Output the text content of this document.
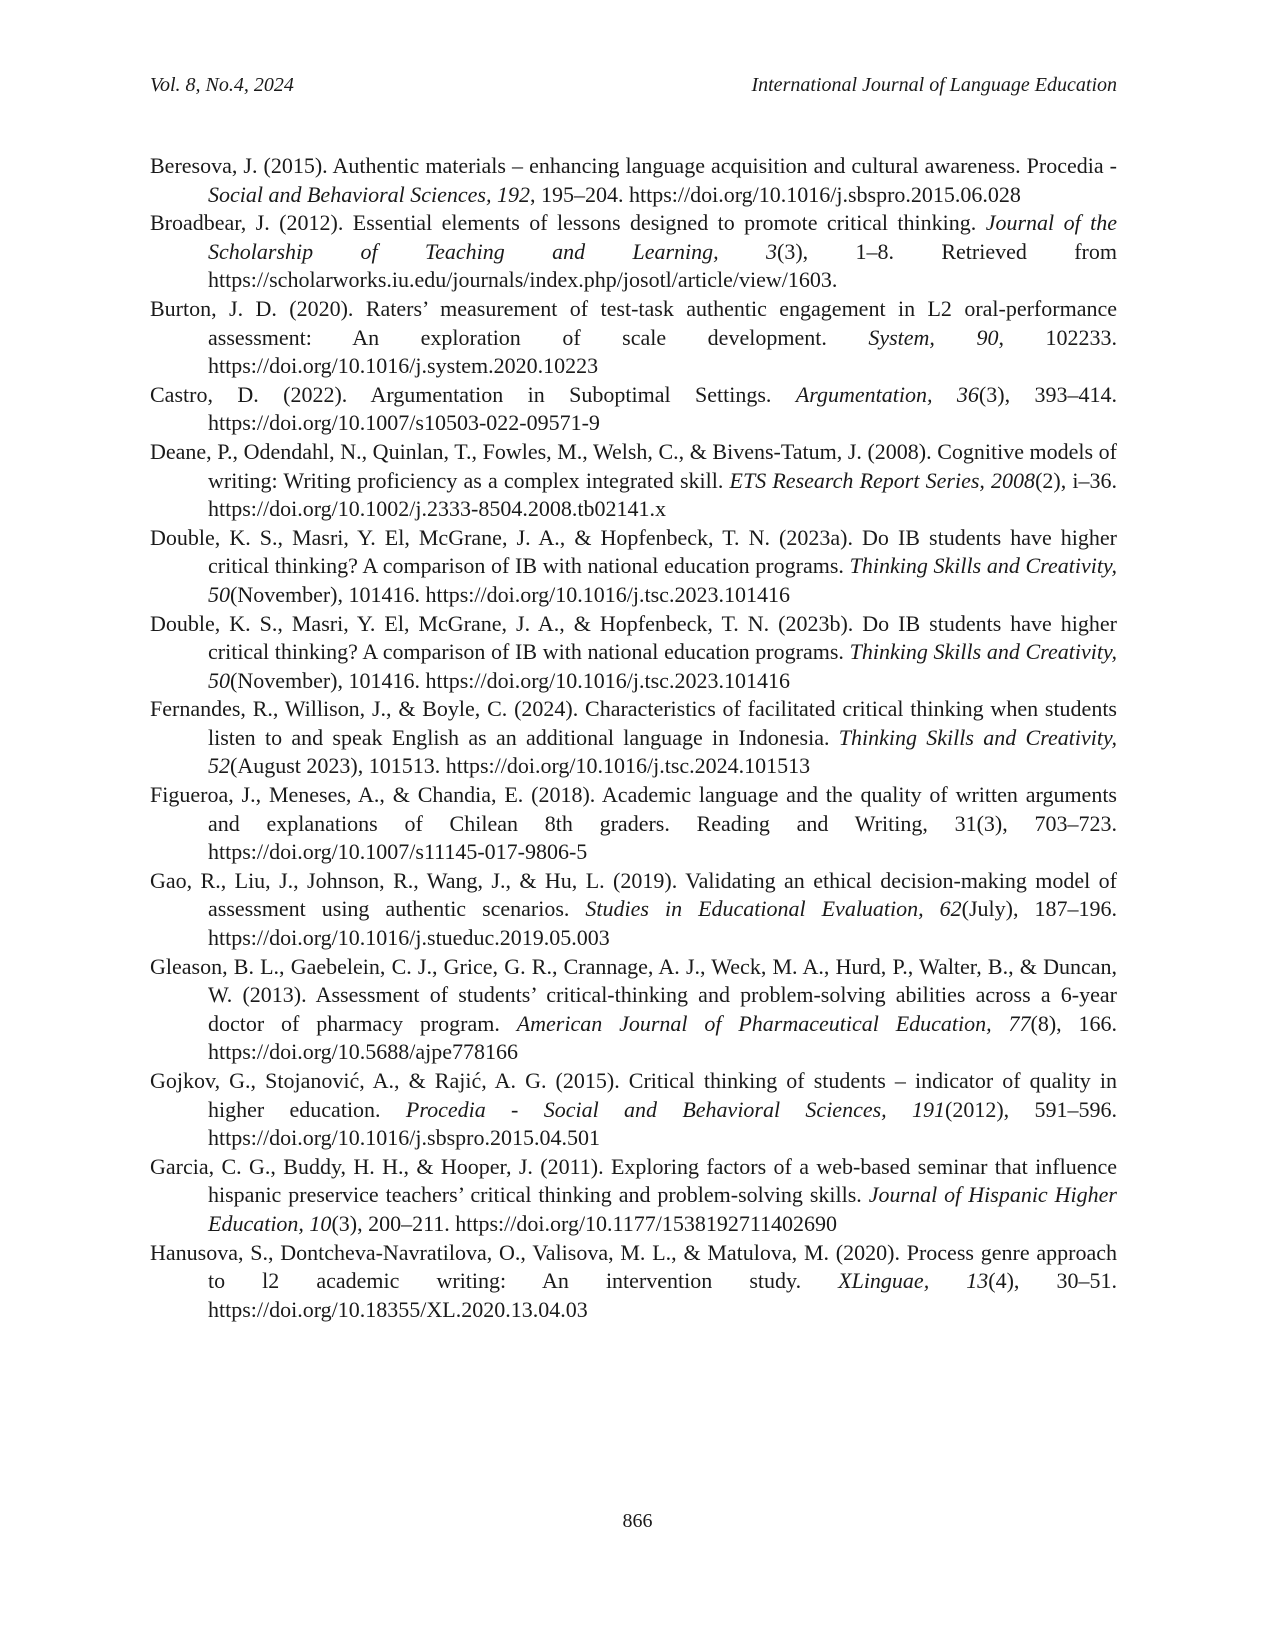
Vol. 8, No.4, 2024	International Journal of Language Education

Beresova, J. (2015). Authentic materials – enhancing language acquisition and cultural awareness. Procedia - Social and Behavioral Sciences, 192, 195–204. https://doi.org/10.1016/j.sbspro.2015.06.028

Broadbear, J. (2012). Essential elements of lessons designed to promote critical thinking. Journal of the Scholarship of Teaching and Learning, 3(3), 1–8. Retrieved from https://scholarworks.iu.edu/journals/index.php/josotl/article/view/1603.

Burton, J. D. (2020). Raters’ measurement of test-task authentic engagement in L2 oral-performance assessment: An exploration of scale development. System, 90, 102233. https://doi.org/10.1016/j.system.2020.10223

Castro, D. (2022). Argumentation in Suboptimal Settings. Argumentation, 36(3), 393–414. https://doi.org/10.1007/s10503-022-09571-9

Deane, P., Odendahl, N., Quinlan, T., Fowles, M., Welsh, C., & Bivens-Tatum, J. (2008). Cognitive models of writing: Writing proficiency as a complex integrated skill. ETS Research Report Series, 2008(2), i–36. https://doi.org/10.1002/j.2333-8504.2008.tb02141.x

Double, K. S., Masri, Y. El, McGrane, J. A., & Hopfenbeck, T. N. (2023a). Do IB students have higher critical thinking? A comparison of IB with national education programs. Thinking Skills and Creativity, 50(November), 101416. https://doi.org/10.1016/j.tsc.2023.101416

Double, K. S., Masri, Y. El, McGrane, J. A., & Hopfenbeck, T. N. (2023b). Do IB students have higher critical thinking? A comparison of IB with national education programs. Thinking Skills and Creativity, 50(November), 101416. https://doi.org/10.1016/j.tsc.2023.101416

Fernandes, R., Willison, J., & Boyle, C. (2024). Characteristics of facilitated critical thinking when students listen to and speak English as an additional language in Indonesia. Thinking Skills and Creativity, 52(August 2023), 101513. https://doi.org/10.1016/j.tsc.2024.101513

Figueroa, J., Meneses, A., & Chandia, E. (2018). Academic language and the quality of written arguments and explanations of Chilean 8th graders. Reading and Writing, 31(3), 703–723. https://doi.org/10.1007/s11145-017-9806-5

Gao, R., Liu, J., Johnson, R., Wang, J., & Hu, L. (2019). Validating an ethical decision-making model of assessment using authentic scenarios. Studies in Educational Evaluation, 62(July), 187–196. https://doi.org/10.1016/j.stueduc.2019.05.003

Gleason, B. L., Gaebelein, C. J., Grice, G. R., Crannage, A. J., Weck, M. A., Hurd, P., Walter, B., & Duncan, W. (2013). Assessment of students’ critical-thinking and problem-solving abilities across a 6-year doctor of pharmacy program. American Journal of Pharmaceutical Education, 77(8), 166. https://doi.org/10.5688/ajpe778166

Gojkov, G., Stojanović, A., & Rajić, A. G. (2015). Critical thinking of students – indicator of quality in higher education. Procedia - Social and Behavioral Sciences, 191(2012), 591–596. https://doi.org/10.1016/j.sbspro.2015.04.501

Garcia, C. G., Buddy, H. H., & Hooper, J. (2011). Exploring factors of a web-based seminar that influence hispanic preservice teachers’ critical thinking and problem-solving skills. Journal of Hispanic Higher Education, 10(3), 200–211. https://doi.org/10.1177/1538192711402690

Hanusova, S., Dontcheva-Navratilova, O., Valisova, M. L., & Matulova, M. (2020). Process genre approach to l2 academic writing: An intervention study. XLinguae, 13(4), 30–51. https://doi.org/10.18355/XL.2020.13.04.03

866
